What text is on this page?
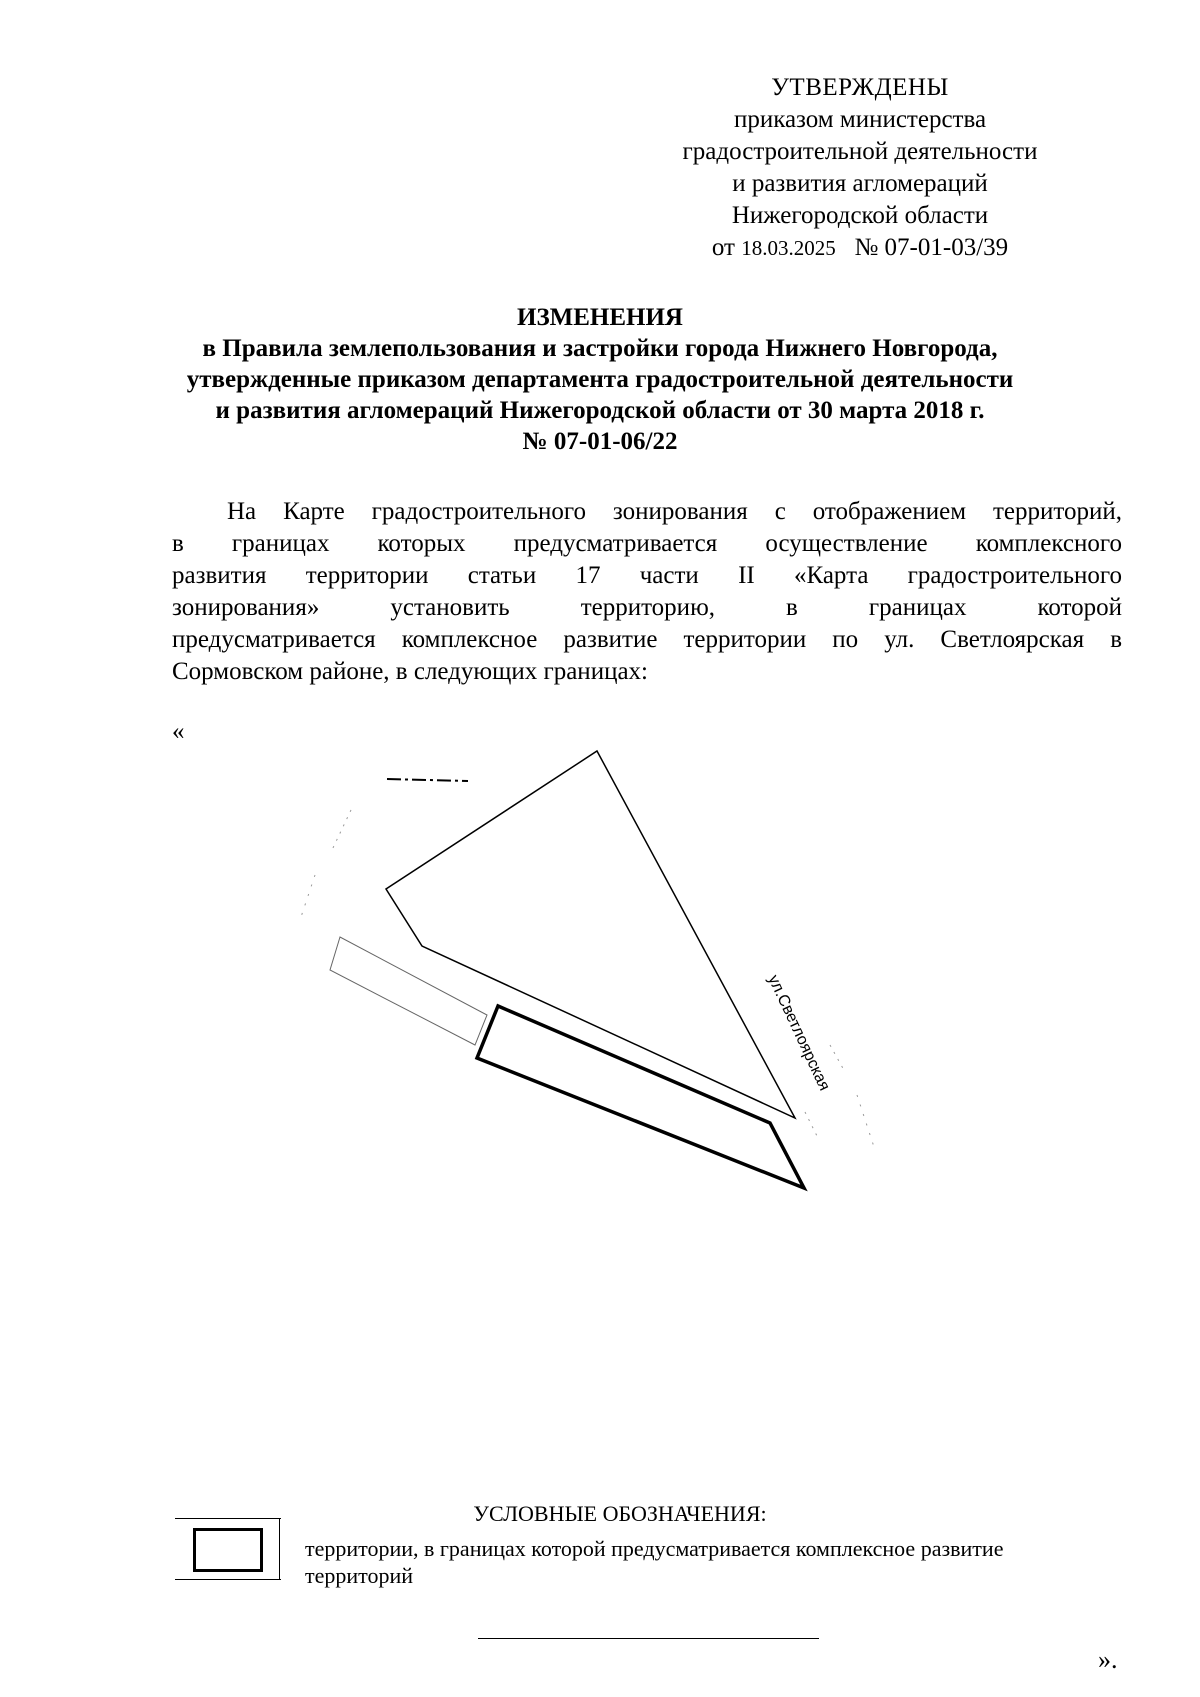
УТВЕРЖДЕНЫ
приказом министерства
градостроительной деятельности
и развития агломераций
Нижегородской области
от 18.03.2025 № 07-01-03/39
ИЗМЕНЕНИЯ
в Правила землепользования и застройки города Нижнего Новгорода,
утвержденные приказом департамента градостроительной деятельности
и развития агломераций Нижегородской области от 30 марта 2018 г.
№ 07-01-06/22
На Карте градостроительного зонирования с отображением территорий,
в границах которых предусматривается осуществление комплексного
развития территории статьи 17 части II «Карта градостроительного
зонирования» установить территорию, в границах которой
предусматривается комплексное развитие территории по ул. Светлоярская в
Сормовском районе, в следующих границах:
«
ул.Светлоярская
УСЛОВНЫЕ ОБОЗНАЧЕНИЯ:
территории, в границах которой предусматривается комплексное развитие территорий
».
